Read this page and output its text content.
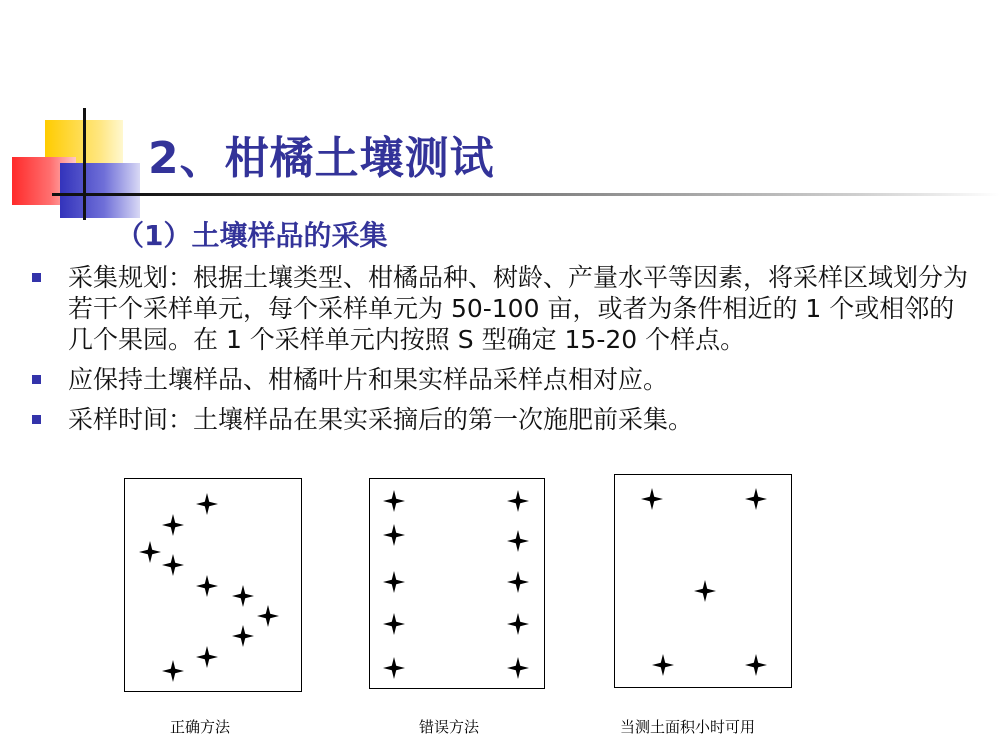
2、柑橘土壤测试
（1）土壤样品的采集
采集规划：根据土壤类型、柑橘品种、树龄、产量水平等因素，将采样区域划分为若干个采样单元，每个采样单元为 50-100 亩，或者为条件相近的 1 个或相邻的几个果园。在 1 个采样单元内按照 S 型确定 15-20 个样点。
应保持土壤样品、柑橘叶片和果实样品采样点相对应。
采样时间：土壤样品在果实采摘后的第一次施肥前采集。
正确方法	错误方法	当测土面积小时可用
